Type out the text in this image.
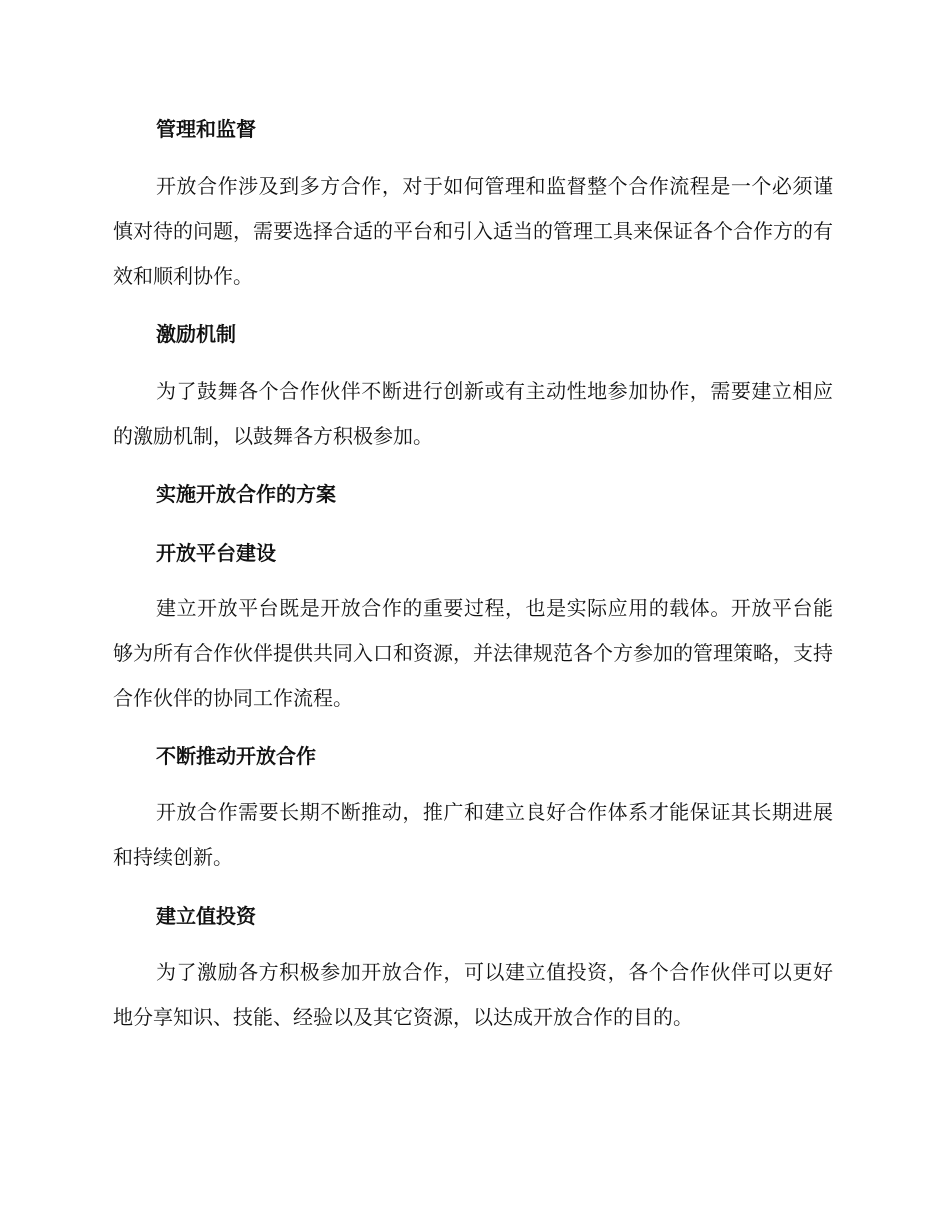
管理和监督

开放合作涉及到多方合作，对于如何管理和监督整个合作流程是一个必须谨慎对待的问题，需要选择合适的平台和引入适当的管理工具来保证各个合作方的有效和顺利协作。

激励机制

为了鼓舞各个合作伙伴不断进行创新或有主动性地参加协作，需要建立相应的激励机制，以鼓舞各方积极参加。

实施开放合作的方案
开放平台建设

建立开放平台既是开放合作的重要过程，也是实际应用的载体。开放平台能够为所有合作伙伴提供共同入口和资源，并法律规范各个方参加的管理策略，支持合作伙伴的协同工作流程。

不断推动开放合作

开放合作需要长期不断推动，推广和建立良好合作体系才能保证其长期进展和持续创新。

建立值投资

为了激励各方积极参加开放合作，可以建立值投资，各个合作伙伴可以更好地分享知识、技能、经验以及其它资源，以达成开放合作的目的。
